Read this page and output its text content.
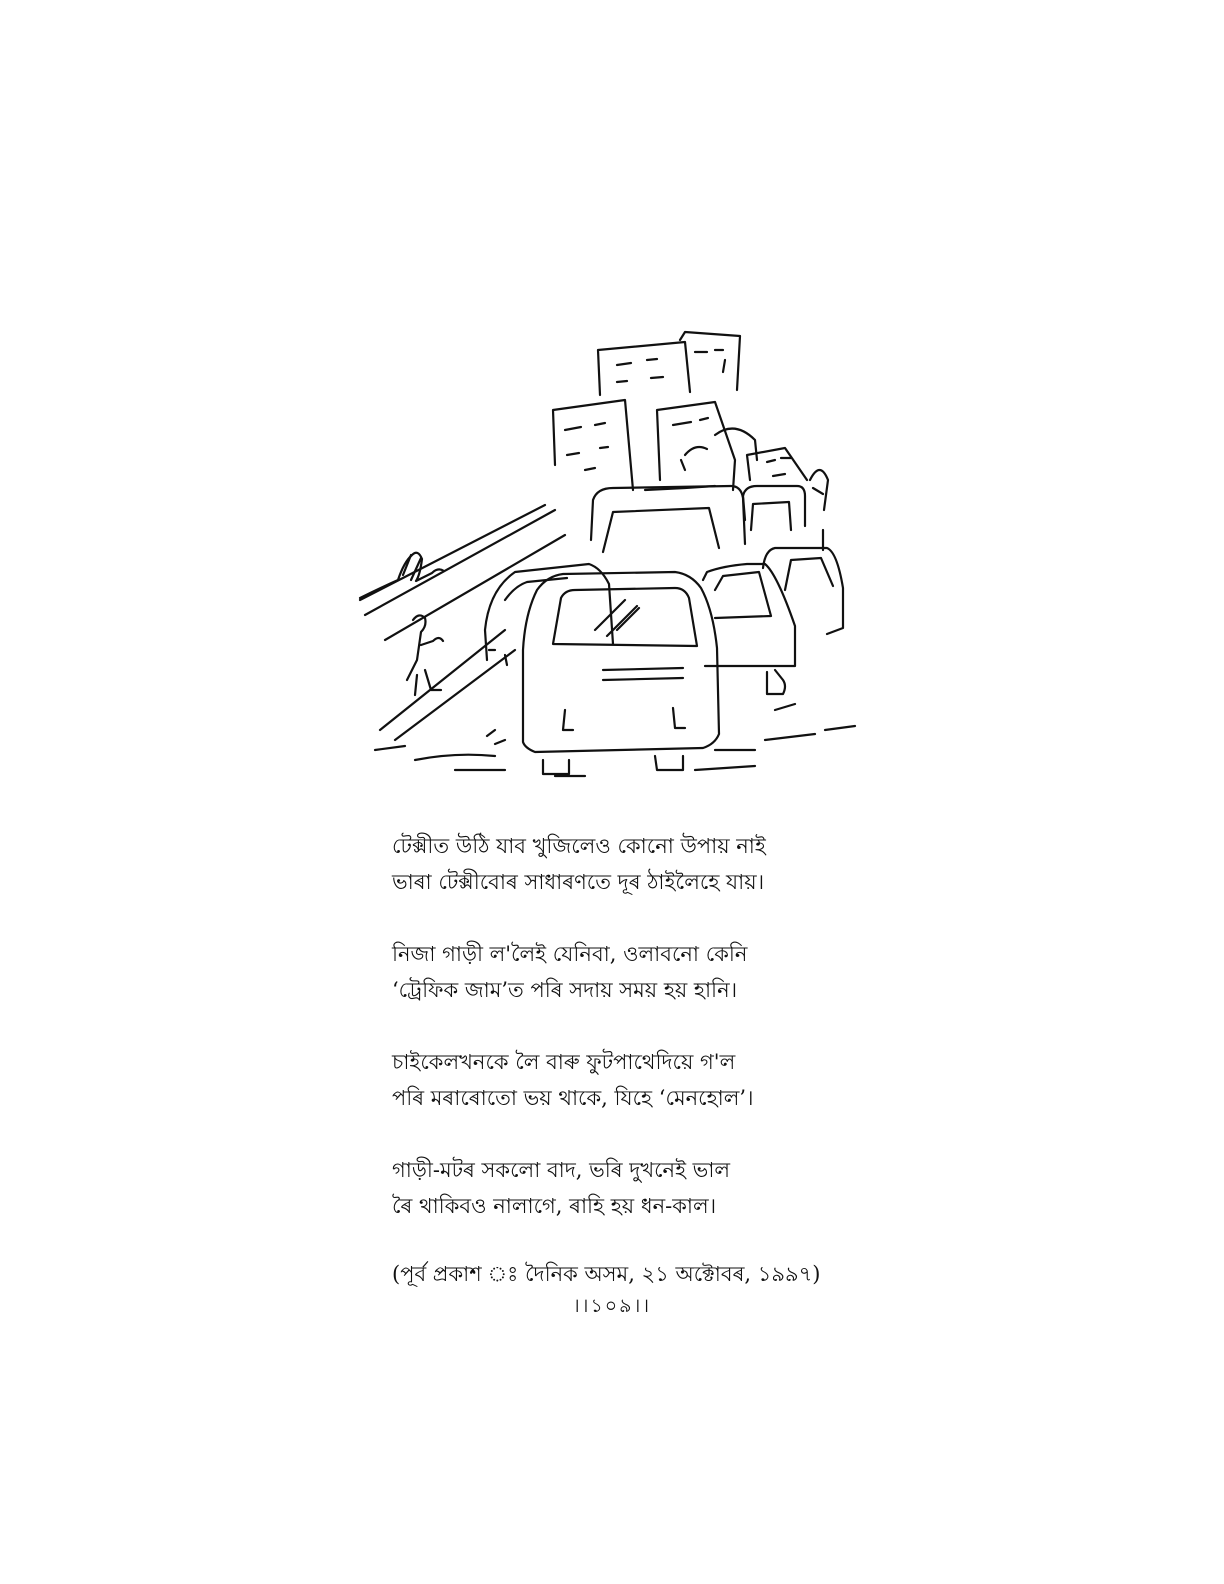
টেক্সীত উঠি যাব খুজিলেও কোনো উপায় নাই
ভাৰা টেক্সীবোৰ সাধাৰণতে দূৰ ঠাইলৈহে যায়।
নিজা গাড়ী ল'লৈই যেনিবা, ওলাবনো কেনি
‘ট্রেফিক জাম’ত পৰি সদায় সময় হয় হানি।
চাইকেলখনকে লৈ বাৰু ফুটপাথেদিয়ে গ'ল
পৰি মৰাৰোতো ভয় থাকে, যিহে ‘মেনহোল’।
গাড়ী-মটৰ সকলো বাদ, ভৰি দুখনেই ভাল
ৰৈ থাকিবও নালাগে, ৰাহি হয় ধন-কাল।
(পূৰ্ব প্ৰকাশ ঃ দৈনিক অসম, ২১ অক্টোবৰ, ১৯৯৭)
।।১০৯।।
